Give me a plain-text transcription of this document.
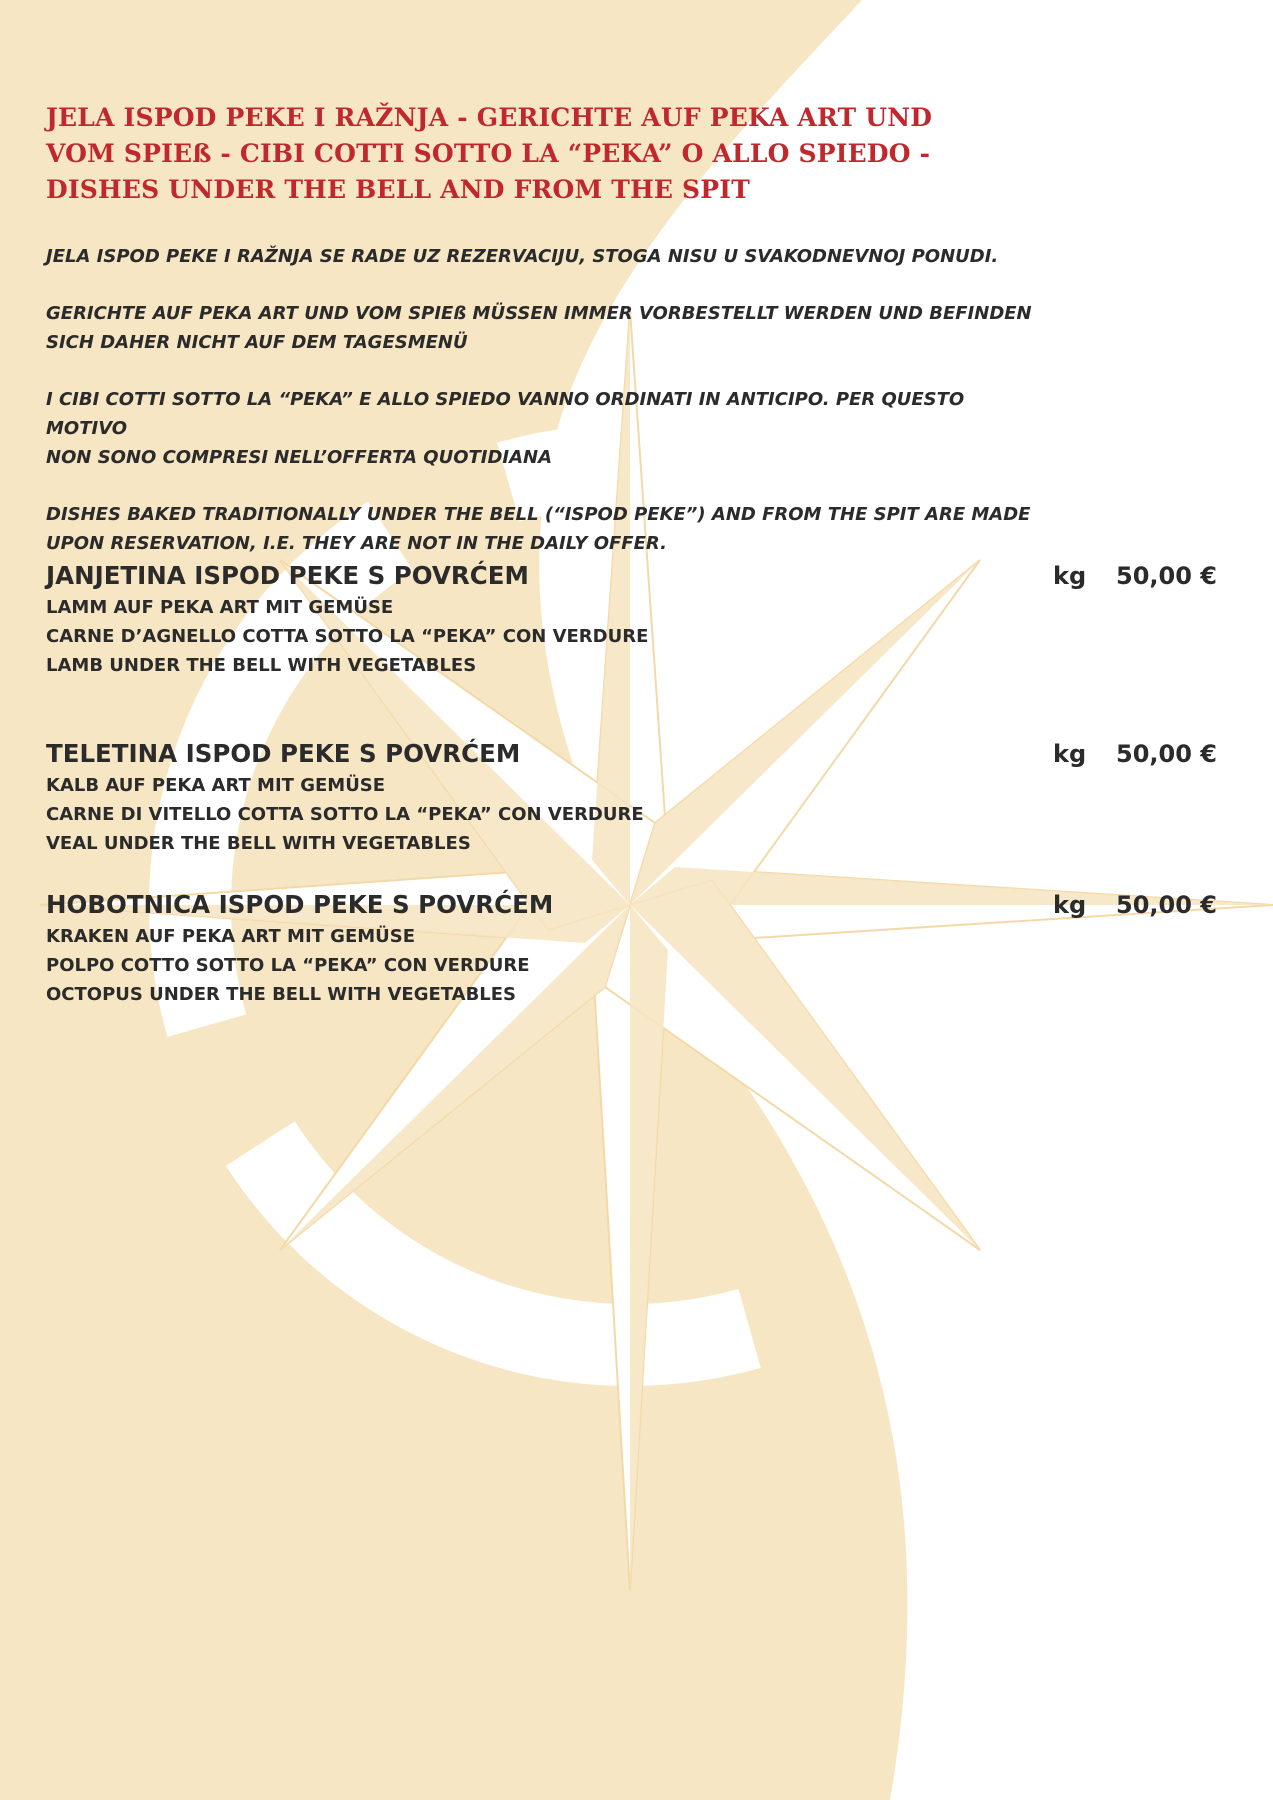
JELA ISPOD PEKE I RAŽNJA - GERICHTE AUF PEKA ART UND VOM SPIEß - CIBI COTTI SOTTO LA “PEKA” O ALLO SPIEDO - DISHES UNDER THE BELL AND FROM THE SPIT

JELA ISPOD PEKE I RAŽNJA SE RADE UZ REZERVACIJU, STOGA NISU U SVAKODNEVNOJ PONUDI.

GERICHTE AUF PEKA ART UND VOM SPIEß MÜSSEN IMMER VORBESTELLT WERDEN UND BEFINDEN
SICH DAHER NICHT AUF DEM TAGESMENÜ

I CIBI COTTI SOTTO LA “PEKA” E ALLO SPIEDO VANNO ORDINATI IN ANTICIPO. PER QUESTO MOTIVO
NON SONO COMPRESI NELL’OFFERTA QUOTIDIANA

DISHES BAKED TRADITIONALLY UNDER THE BELL (“ISPOD PEKE”) AND FROM THE SPIT ARE MADE
UPON RESERVATION, I.E. THEY ARE NOT IN THE DAILY OFFER.

JANJETINA ISPOD PEKE S POVRĆEM

LAMM AUF PEKA ART MIT GEMÜSE

CARNE D’AGNELLO COTTA SOTTO LA “PEKA” CON VERDURE

LAMB UNDER THE BELL WITH VEGETABLES

kg 50,00 €

TELETINA ISPOD PEKE S POVRĆEM

KALB AUF PEKA ART MIT GEMÜSE

CARNE DI VITELLO COTTA SOTTO LA “PEKA” CON VERDURE

VEAL UNDER THE BELL WITH VEGETABLES

kg 50,00 €

HOBOTNICA ISPOD PEKE S POVRĆEM

KRAKEN AUF PEKA ART MIT GEMÜSE

POLPO COTTO SOTTO LA “PEKA” CON VERDURE

OCTOPUS UNDER THE BELL WITH VEGETABLES

kg 50,00 €
